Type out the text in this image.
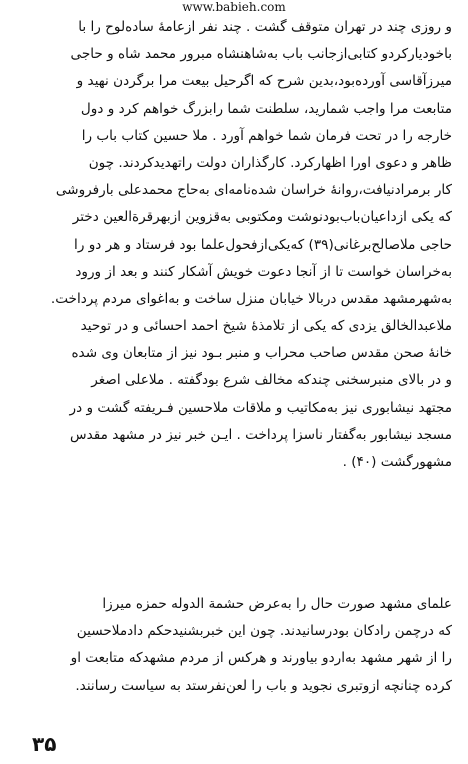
www.babieh.com
و روزی چند در تهران متوقف گشت . چند نفر ازعامهٔ ساده‌لوح را با
باخودیارکردو کتابی‌ازجانب باب به‌شاهنشاه مبرور محمد شاه و حاجی
میرزآقاسی آورده‌بود،بدین شرح که اگرحیل بیعت مرا برگردن نهید و
متابعت مرا واجب شمارید، سلطنت شما رابزرگ خواهم کرد و دول
خارجه را در تحت فرمان شما خواهم آورد . ملا حسین کتاب باب را
ظاهر و دعوی اورا اظهارکرد. کارگذاران دولت راتهدیدکردند. چون
کار برمرادنیافت،روانهٔ خراسان شده‌نامه‌ای به‌حاج محمدعلی بارفروشی
که یکی ازداعیان‌باب‌بودنوشت ومکتوبی به‌قزوین ازبهرقرةالعین دختر
حاجی ملاصالح‌برغانی(۳۹) که‌یکی‌ازفحول‌علما بود فرستاد و هر دو را
به‌خراسان خواست تا از آنجا دعوت خویش آشکار کنند و بعد از ورود
به‌شهرمشهد مقدس دربالا خیابان منزل ساخت و به‌اغوای مردم پرداخت.
ملاعبدالخالق یزدی که یکی از تلامذهٔ شیخ احمد احسائی و در توحید
خانهٔ صحن مقدس صاحب محراب و منبر بـود نیز از متابعان وی شده
و در بالای منبرسخنی چندکه مخالف شرع بودگفته . ملاعلی اصغر
مجتهد نیشابوری نیز به‌مکاتیب و ملاقات ملاحسین فـریفته گشت و در
مسجد نیشابور به‌گفتار ناسزا پرداخت . ایـن خبر نیز در مشهد مقدس
مشهورگشت (۴۰) .
علمای مشهد صورت حال را به‌عرض حشمة الدوله حمزه میرزا
که درچمن رادکان بودرسانیدند. چون این خبربشنیدحکم دادملاحسین
را از شهر مشهد به‌اردو بیاورند و هرکس از مردم مشهدکه متابعت او
کرده چنانچه ازوتبری نجوید و باب را لعن‌نفرستد به سیاست رسانند.
۳۵
